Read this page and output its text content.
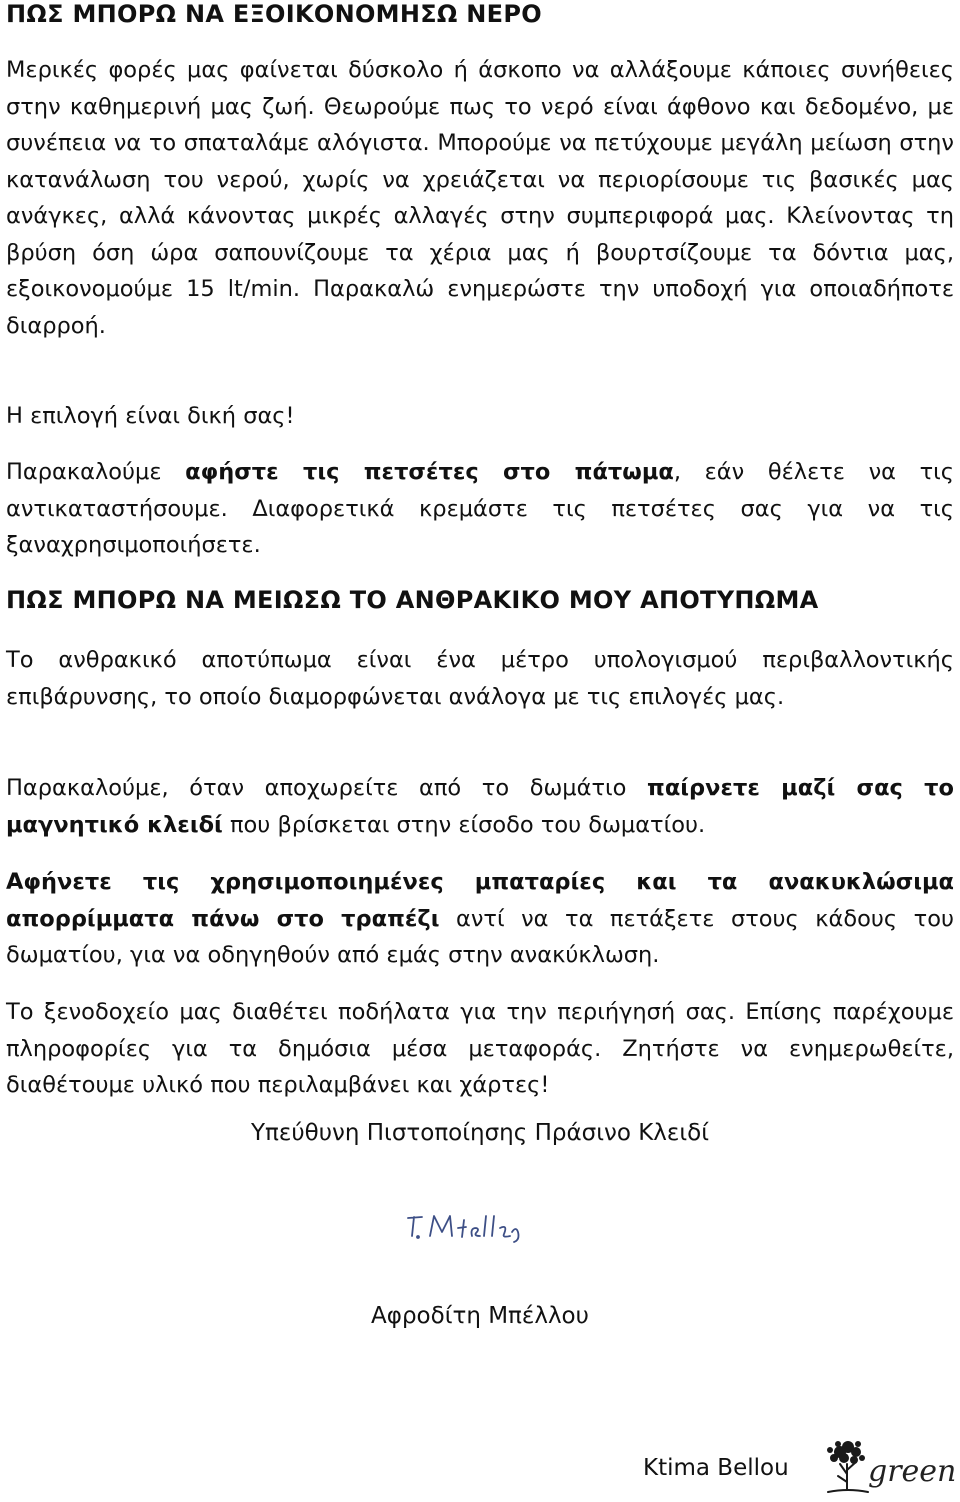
ΠΩΣ ΜΠΟΡΩ ΝΑ ΕΞΟΙΚΟΝΟΜΗΣΩ ΝΕΡΟ

Μερικές φορές μας φαίνεται δύσκολο ή άσκοπο να αλλάξουμε κάποιες συνήθειες στην καθημερινή μας ζωή. Θεωρούμε πως το νερό είναι άφθονο και δεδομένο, με συνέπεια να το σπαταλάμε αλόγιστα. Μπορούμε να πετύχουμε μεγάλη μείωση στην κατανάλωση του νερού, χωρίς να χρειάζεται να περιορίσουμε τις βασικές μας ανάγκες, αλλά κάνοντας μικρές αλλαγές στην συμπεριφορά μας. Κλείνοντας τη βρύση όση ώρα σαπουνίζουμε τα χέρια μας ή βουρτσίζουμε τα δόντια μας, εξοικονομούμε 15 lt/min. Παρακαλώ ενημερώστε την υποδοχή για οποιαδήποτε διαρροή.

Η επιλογή είναι δική σας!

Παρακαλούμε αφήστε τις πετσέτες στο πάτωμα, εάν θέλετε να τις αντικαταστήσουμε. Διαφορετικά κρεμάστε τις πετσέτες σας για να τις ξαναχρησιμοποιήσετε.

ΠΩΣ ΜΠΟΡΩ ΝΑ ΜΕΙΩΣΩ ΤΟ ΑΝΘΡΑΚΙΚΟ ΜΟΥ ΑΠΟΤΥΠΩΜΑ

Το ανθρακικό αποτύπωμα είναι ένα μέτρο υπολογισμού περιβαλλοντικής επιβάρυνσης, το οποίο διαμορφώνεται ανάλογα με τις επιλογές μας.

Παρακαλούμε, όταν αποχωρείτε από το δωμάτιο παίρνετε μαζί σας το μαγνητικό κλειδί που βρίσκεται στην είσοδο του δωματίου.

Αφήνετε τις χρησιμοποιημένες μπαταρίες και τα ανακυκλώσιμα απορρίμματα πάνω στο τραπέζι αντί να τα πετάξετε στους κάδους του δωματίου, για να οδηγηθούν από εμάς στην ανακύκλωση.

Το ξενοδοχείο μας διαθέτει ποδήλατα για την περιήγησή σας. Επίσης παρέχουμε πληροφορίες για τα δημόσια μέσα μεταφοράς. Ζητήστε να ενημερωθείτε, διαθέτουμε υλικό που περιλαμβάνει και χάρτες!

Υπεύθυνη Πιστοποίησης Πράσινο Κλειδί

Αφροδίτη Μπέλλου

Ktima Bellou	green
